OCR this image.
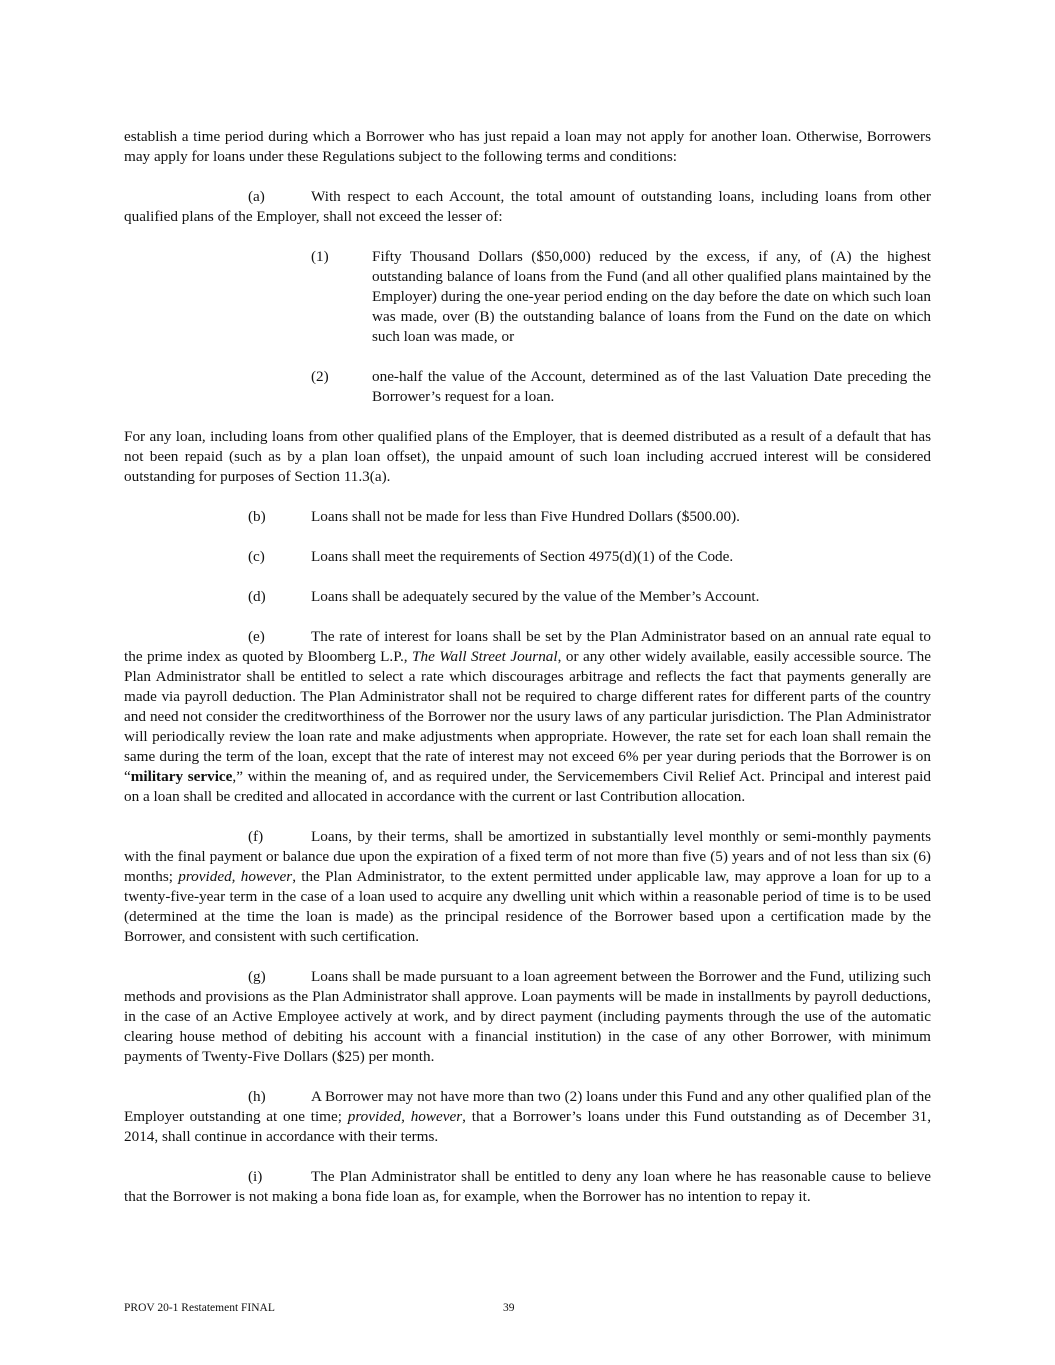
establish a time period during which a Borrower who has just repaid a loan may not apply for another loan. Otherwise, Borrowers may apply for loans under these Regulations subject to the following terms and conditions:

(a)	With respect to each Account, the total amount of outstanding loans, including loans from other qualified plans of the Employer, shall not exceed the lesser of:

(1)	Fifty Thousand Dollars ($50,000) reduced by the excess, if any, of (A) the highest outstanding balance of loans from the Fund (and all other qualified plans maintained by the Employer) during the one-year period ending on the day before the date on which such loan was made, over (B) the outstanding balance of loans from the Fund on the date on which such loan was made, or
(2)	one-half the value of the Account, determined as of the last Valuation Date preceding the Borrower’s request for a loan.

For any loan, including loans from other qualified plans of the Employer, that is deemed distributed as a result of a default that has not been repaid (such as by a plan loan offset), the unpaid amount of such loan including accrued interest will be considered outstanding for purposes of Section 11.3(a).

(b)	Loans shall not be made for less than Five Hundred Dollars ($500.00).

(c)	Loans shall meet the requirements of Section 4975(d)(1) of the Code.

(d)	Loans shall be adequately secured by the value of the Member’s Account.

(e)	The rate of interest for loans shall be set by the Plan Administrator based on an annual rate equal to the prime index as quoted by Bloomberg L.P., The Wall Street Journal, or any other widely available, easily accessible source. The Plan Administrator shall be entitled to select a rate which discourages arbitrage and reflects the fact that payments generally are made via payroll deduction. The Plan Administrator shall not be required to charge different rates for different parts of the country and need not consider the creditworthiness of the Borrower nor the usury laws of any particular jurisdiction. The Plan Administrator will periodically review the loan rate and make adjustments when appropriate. However, the rate set for each loan shall remain the same during the term of the loan, except that the rate of interest may not exceed 6% per year during periods that the Borrower is on “military service,” within the meaning of, and as required under, the Servicemembers Civil Relief Act. Principal and interest paid on a loan shall be credited and allocated in accordance with the current or last Contribution allocation.

(f)	Loans, by their terms, shall be amortized in substantially level monthly or semi-monthly payments with the final payment or balance due upon the expiration of a fixed term of not more than five (5) years and of not less than six (6) months; provided, however, the Plan Administrator, to the extent permitted under applicable law, may approve a loan for up to a twenty-five-year term in the case of a loan used to acquire any dwelling unit which within a reasonable period of time is to be used (determined at the time the loan is made) as the principal residence of the Borrower based upon a certification made by the Borrower, and consistent with such certification.

(g)	Loans shall be made pursuant to a loan agreement between the Borrower and the Fund, utilizing such methods and provisions as the Plan Administrator shall approve. Loan payments will be made in installments by payroll deductions, in the case of an Active Employee actively at work, and by direct payment (including payments through the use of the automatic clearing house method of debiting his account with a financial institution) in the case of any other Borrower, with minimum payments of Twenty-Five Dollars ($25) per month.

(h)	A Borrower may not have more than two (2) loans under this Fund and any other qualified plan of the Employer outstanding at one time; provided, however, that a Borrower’s loans under this Fund outstanding as of December 31, 2014, shall continue in accordance with their terms.

(i)	The Plan Administrator shall be entitled to deny any loan where he has reasonable cause to believe that the Borrower is not making a bona fide loan as, for example, when the Borrower has no intention to repay it.

PROV 20-1 Restatement FINAL	39
